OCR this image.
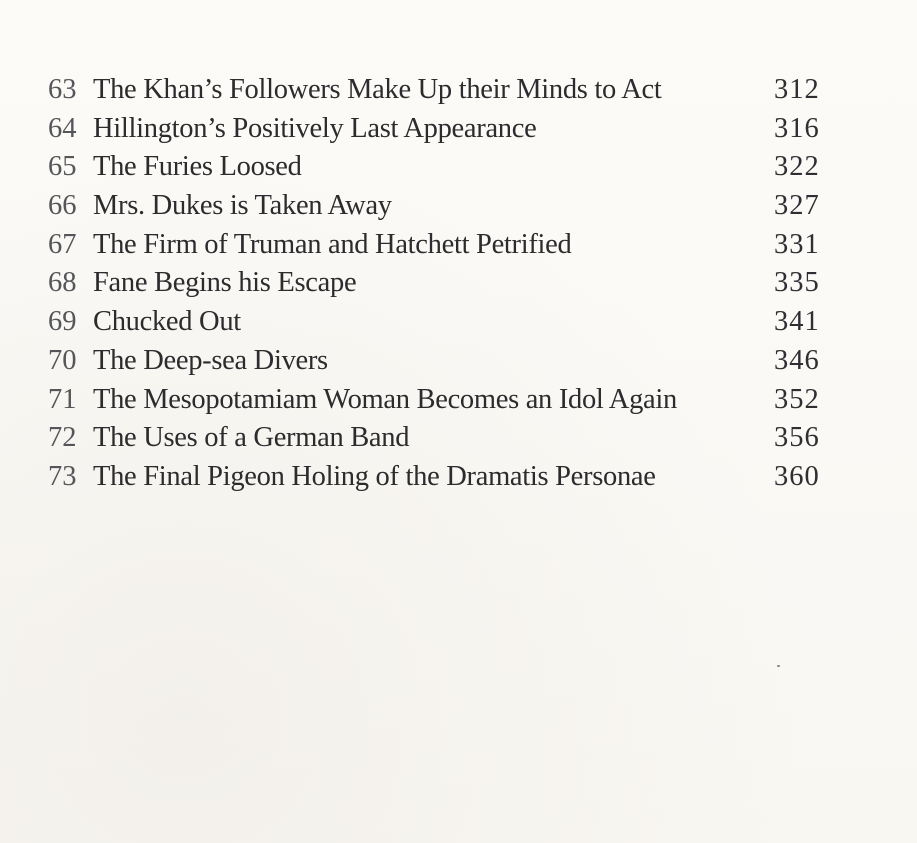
63 The Khan’s Followers Make Up their Minds to Act	312
64 Hillington’s Positively Last Appearance	316
65 The Furies Loosed	322
66 Mrs. Dukes is Taken Away	327
67 The Firm of Truman and Hatchett Petrified	331
68 Fane Begins his Escape	335
69 Chucked Out	341
70 The Deep-sea Divers	346
71 The Mesopotamiam Woman Becomes an Idol Again	352
72 The Uses of a German Band	356
73 The Final Pigeon Holing of the Dramatis Personae	360
